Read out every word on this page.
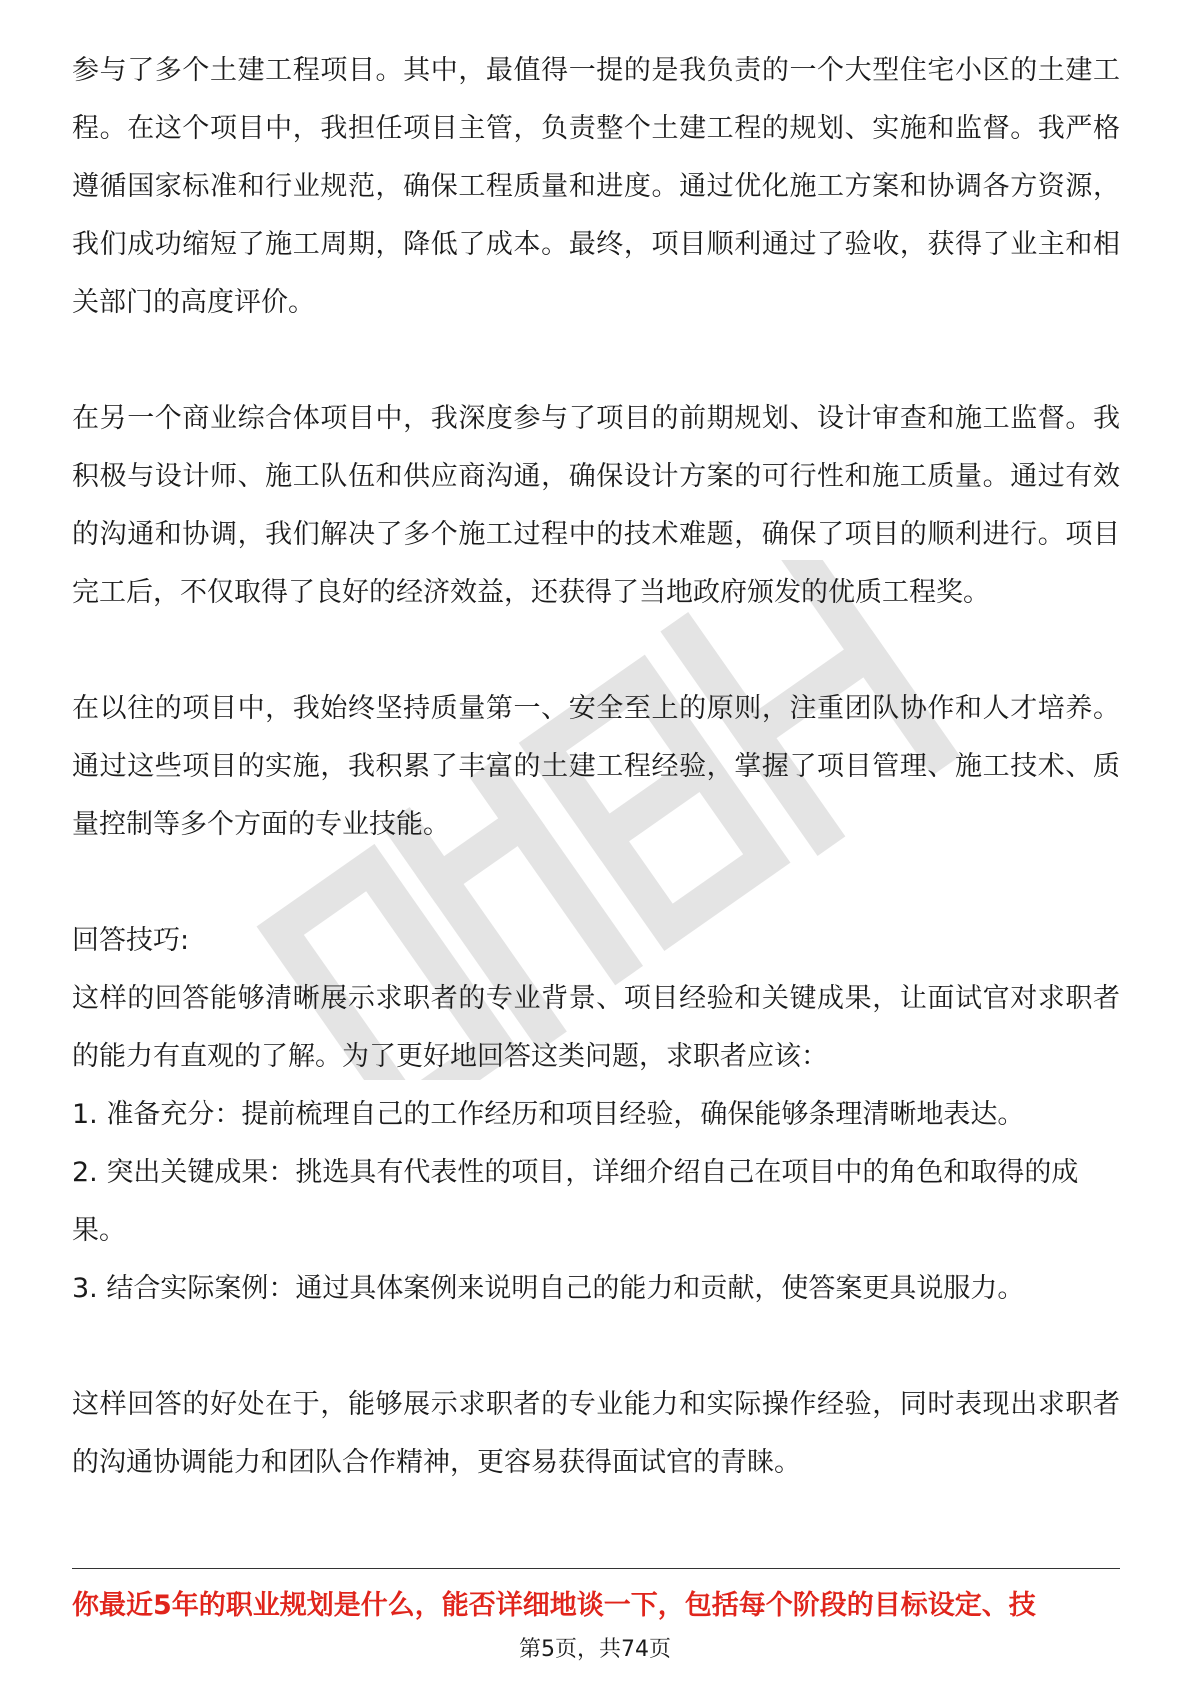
参与了多个土建工程项目。其中，最值得一提的是我负责的一个大型住宅小区的土建工程。在这个项目中，我担任项目主管，负责整个土建工程的规划、实施和监督。我严格遵循国家标准和行业规范，确保工程质量和进度。通过优化施工方案和协调各方资源，我们成功缩短了施工周期，降低了成本。最终，项目顺利通过了验收，获得了业主和相关部门的高度评价。

在另一个商业综合体项目中，我深度参与了项目的前期规划、设计审查和施工监督。我积极与设计师、施工队伍和供应商沟通，确保设计方案的可行性和施工质量。通过有效的沟通和协调，我们解决了多个施工过程中的技术难题，确保了项目的顺利进行。项目完工后，不仅取得了良好的经济效益，还获得了当地政府颁发的优质工程奖。

在以往的项目中，我始终坚持质量第一、安全至上的原则，注重团队协作和人才培养。通过这些项目的实施，我积累了丰富的土建工程经验，掌握了项目管理、施工技术、质量控制等多个方面的专业技能。

回答技巧:

这样的回答能够清晰展示求职者的专业背景、项目经验和关键成果，让面试官对求职者的能力有直观的了解。为了更好地回答这类问题，求职者应该：

1. 准备充分：提前梳理自己的工作经历和项目经验，确保能够条理清晰地表达。

2. 突出关键成果：挑选具有代表性的项目，详细介绍自己在项目中的角色和取得的成果。

3. 结合实际案例：通过具体案例来说明自己的能力和贡献，使答案更具说服力。

这样回答的好处在于，能够展示求职者的专业能力和实际操作经验，同时表现出求职者的沟通协调能力和团队合作精神，更容易获得面试官的青睐。

你最近5年的职业规划是什么，能否详细地谈一下，包括每个阶段的目标设定、技
第5页，共74页
